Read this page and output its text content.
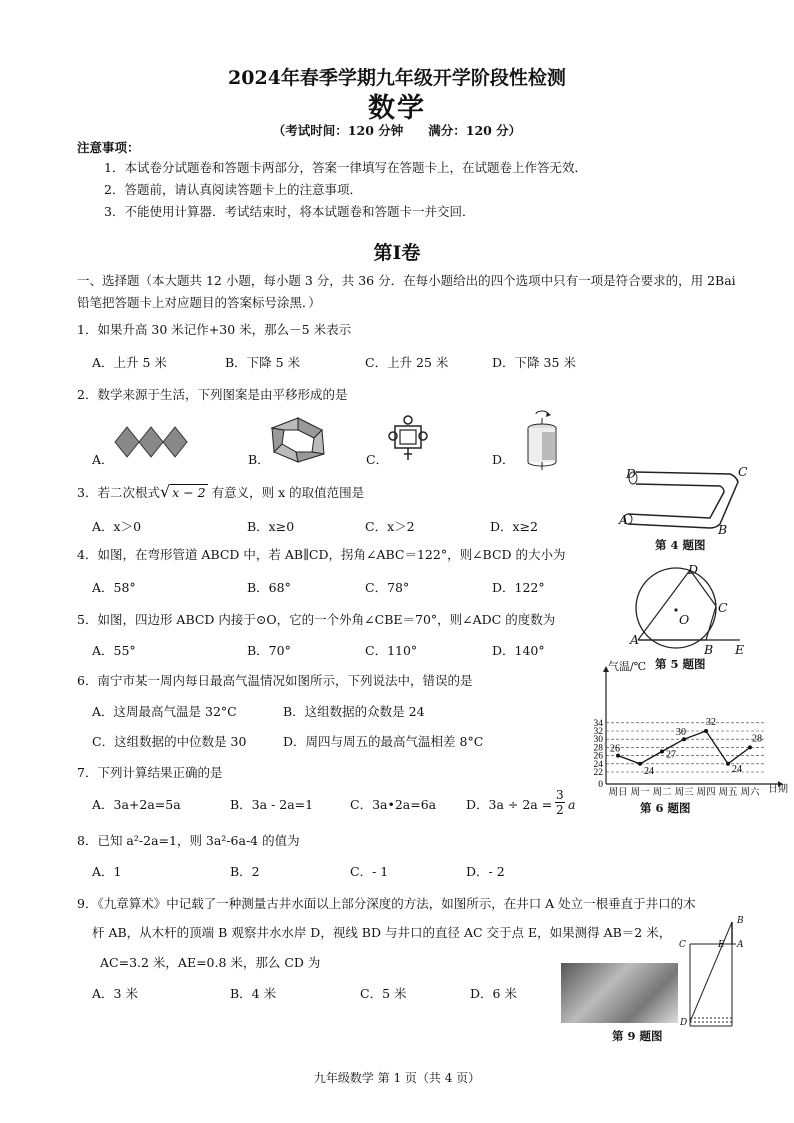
2024年春季学期九年级开学阶段性检测
数学
（考试时间：120 分钟　　满分：120 分）
注意事项：
1．本试卷分试题卷和答题卡两部分，答案一律填写在答题卡上，在试题卷上作答无效．
2．答题前，请认真阅读答题卡上的注意事项．
3．不能使用计算器．考试结束时，将本试题卷和答题卡一并交回．
第Ⅰ卷
一、选择题（本大题共 12 小题，每小题 3 分，共 36 分．在每小题给出的四个选项中只有一项是符合要求的，用 2Bai
铅笔把答题卡上对应题目的答案标号涂黑．）
1．如果升高 30 米记作+30 米，那么－5 米表示
A．上升 5 米	B．下降 5 米	C．上升 25 米	D．下降 35 米
2．数学来源于生活，下列图案是由平移形成的是
A．	B．	C．	D．
3．若二次根式√ x − 2 有意义，则 x 的取值范围是
A．x＞0	B．x≥0	C．x＞2	D．x≥2
D	C
A
B
第 4 题图
4．如图，在弯形管道 ABCD 中，若 AB∥CD，拐角∠ABC＝122°，则∠BCD 的大小为
A．58°	B．68°	C．78°	D．122°
D
C
O
A
B E
第 5 题图
5．如图，四边形 ABCD 内接于⊙O，它的一个外角∠CBE＝70°，则∠ADC 的度数为
A．55°	B．70°	C．110°	D．140°
6．南宁市某一周内每日最高气温情况如图所示，下列说法中，错误的是
A．这周最高气温是 32°C	B．这组数据的众数是 24
C．这组数据的中位数是 30	D．周四与周五的最高气温相差 8°C
0
22
24
26
28
30
32
34
周日 周一 周二 周三 周四 周五 周六
26
24
27
30
32
24
28
气温/℃
日期
第 6 题图
7．下列计算结果正确的是
A．3a+2a=5a	B．3a - 2a=1	C．3a•2a=6a D．$3a \div 2a = \frac{3}{2}$ a
8．已知 a²-2a=1，则 3a²-6a-4 的值为
A．1	B．2	C．- 1	D．- 2
9．《九章算术》中记载了一种测量古井水面以上部分深度的方法，如图所示，在井口 A 处立一根垂直于井口的木
杆 AB，从木杆的顶端 B 观察井水水岸 D，视线 BD 与井口的直径 AC 交于点 E，如果测得 AB＝2 米，
AC=3.2 米，AE=0.8 米，那么 CD 为
A．3 米	B．4 米	C．5 米	D．6 米
B
C	E A
D
第 9 题图
九年级数学 第 1 页（共 4 页）
